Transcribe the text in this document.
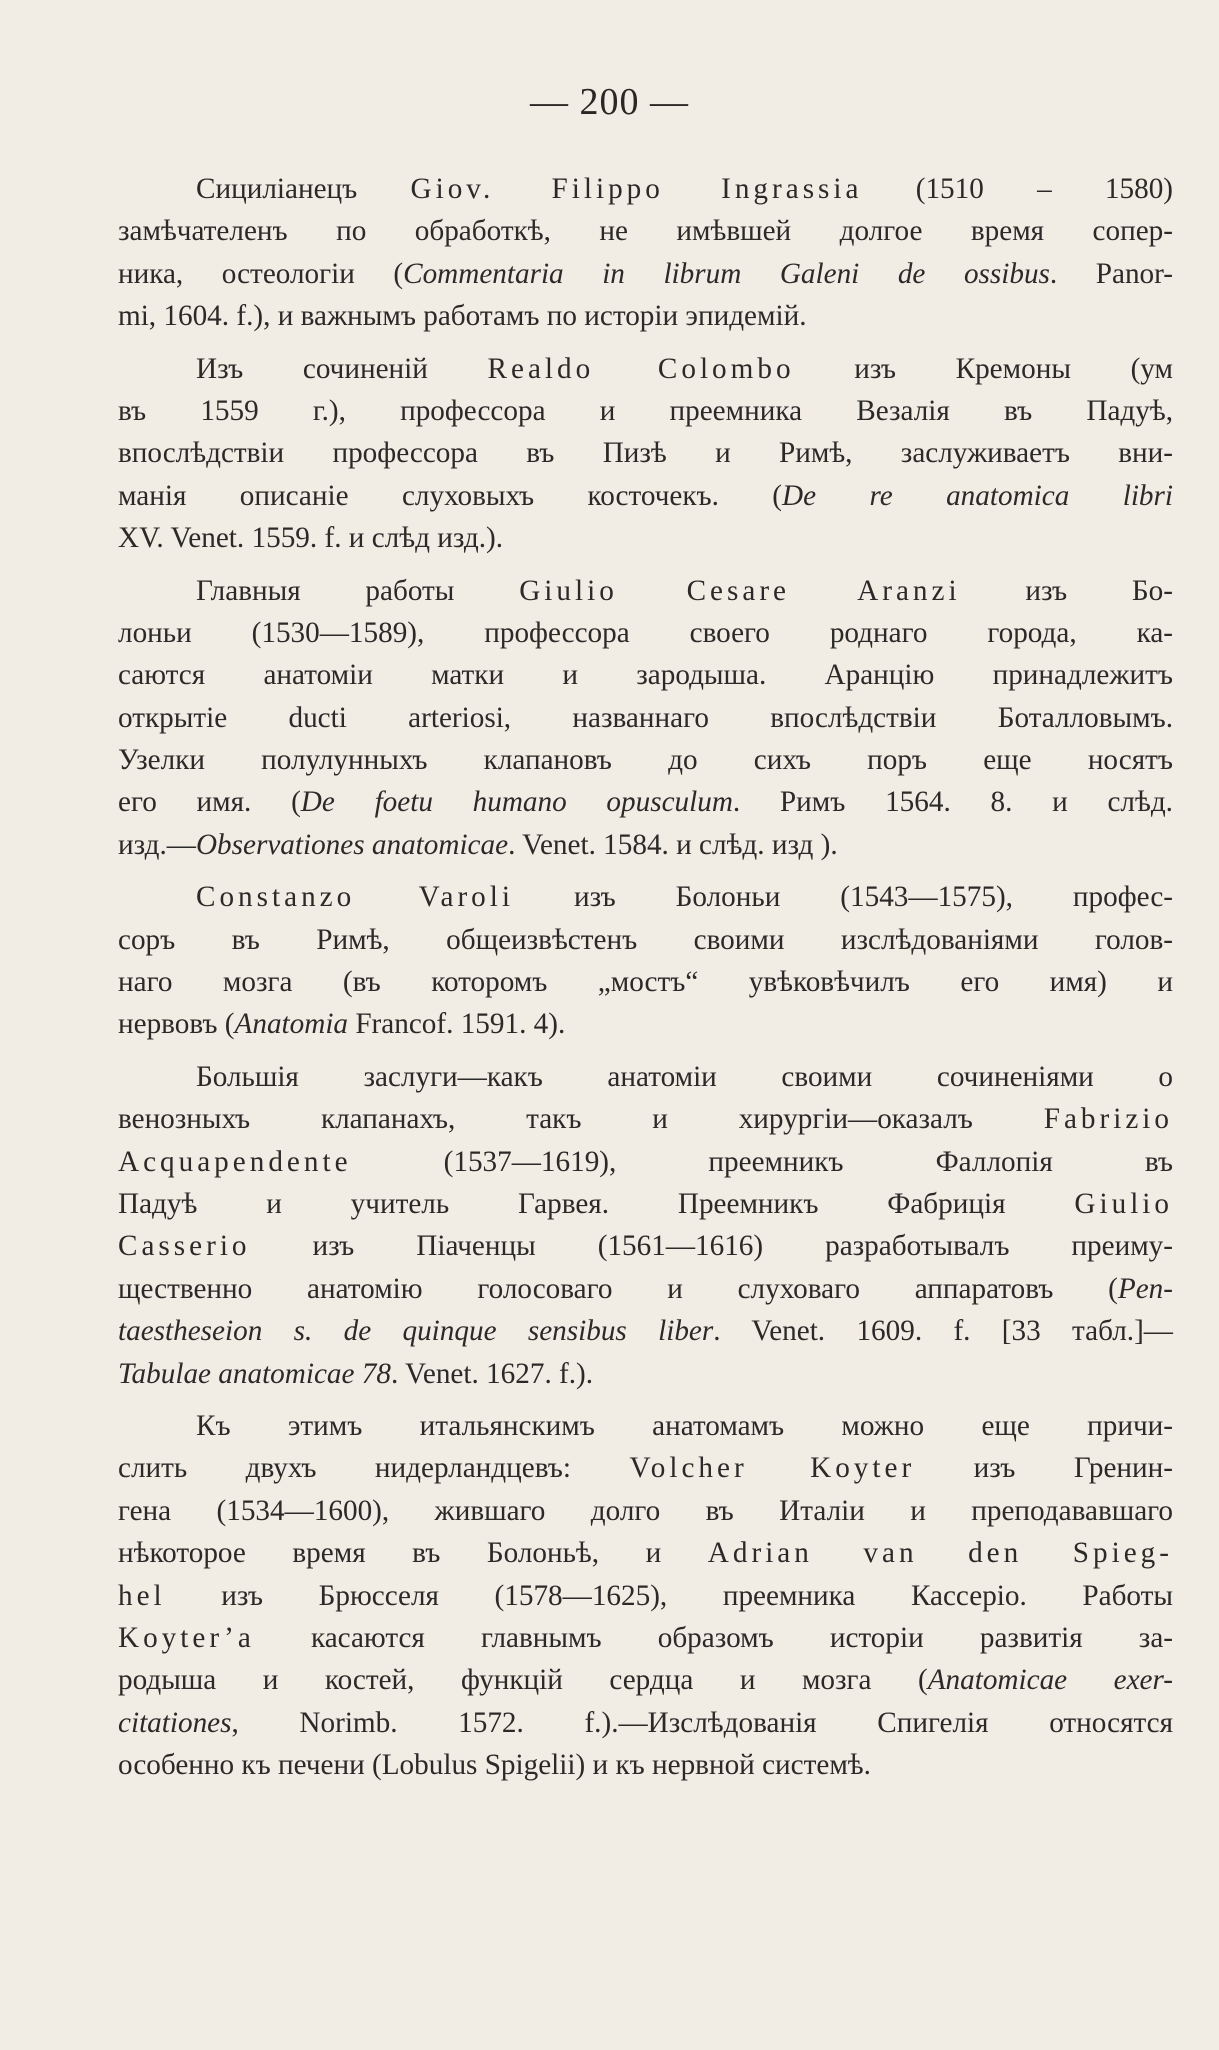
— 200 —
Сициліанецъ Giov. Filippo Ingrassia (1510 – 1580)
замѣчателенъ по обработкѣ, не имѣвшей долгое время сопер-
ника, остеологіи (Commentaria in librum Galeni de ossibus. Panor-
mi, 1604. f.), и важнымъ работамъ по исторіи эпидемій.
Изъ сочиненій Realdo Colombo изъ Кремоны (ум
въ 1559 г.), профессора и преемника Везалія въ Падуѣ,
впослѣдствіи профессора въ Пизѣ и Римѣ, заслуживаетъ вни-
манія описаніе слуховыхъ косточекъ. (De re anatomica libri
XV. Venet. 1559. f. и слѣд изд.).
Главныя работы Giulio Cesare Aranzi изъ Бо-
лоньи (1530—1589), профессора своего роднаго города, ка-
саются анатоміи матки и зародыша. Аранцію принадлежитъ
открытіе ducti arteriosi, названнаго впослѣдствіи Боталловымъ.
Узелки полулунныхъ клапановъ до сихъ поръ еще носятъ
его имя. (De foetu humano opusculum. Римъ 1564. 8. и слѣд.
изд.—Observationes anatomicae. Venet. 1584. и слѣд. изд ).
Constanzo Varoli изъ Болоньи (1543—1575), профес-
соръ въ Римѣ, общеизвѣстенъ своими изслѣдованіями голов-
наго мозга (въ которомъ „мостъ“ увѣковѣчилъ его имя) и
нервовъ (Anatomia Francof. 1591. 4).
Большія заслуги—какъ анатоміи своими сочиненіями о
венозныхъ клапанахъ, такъ и хирургіи—оказалъ Fabrizio
Acquapendente (1537—1619), преемникъ Фаллопія въ
Падуѣ и учитель Гарвея. Преемникъ Фабриція Giulio
Casserio изъ Піаченцы (1561—1616) разработывалъ преиму-
щественно анатомію голосоваго и слуховаго аппаратовъ (Pen-
taestheseion s. de quinque sensibus liber. Venet. 1609. f. [33 табл.]—
Tabulae anatomicae 78. Venet. 1627. f.).
Къ этимъ итальянскимъ анатомамъ можно еще причи-
слить двухъ нидерландцевъ: Volcher Koyter изъ Гренин-
гена (1534—1600), жившаго долго въ Италіи и преподававшаго
нѣкоторое время въ Болоньѣ, и Adrian van den Spieg-
hel изъ Брюсселя (1578—1625), преемника Кассеріо. Работы
Koyter’a касаются главнымъ образомъ исторіи развитія за-
родыша и костей, функцій сердца и мозга (Anatomicae exer-
citationes, Norimb. 1572. f.).—Изслѣдованія Спигелія относятся
особенно къ печени (Lobulus Spigelii) и къ нервной системѣ.
